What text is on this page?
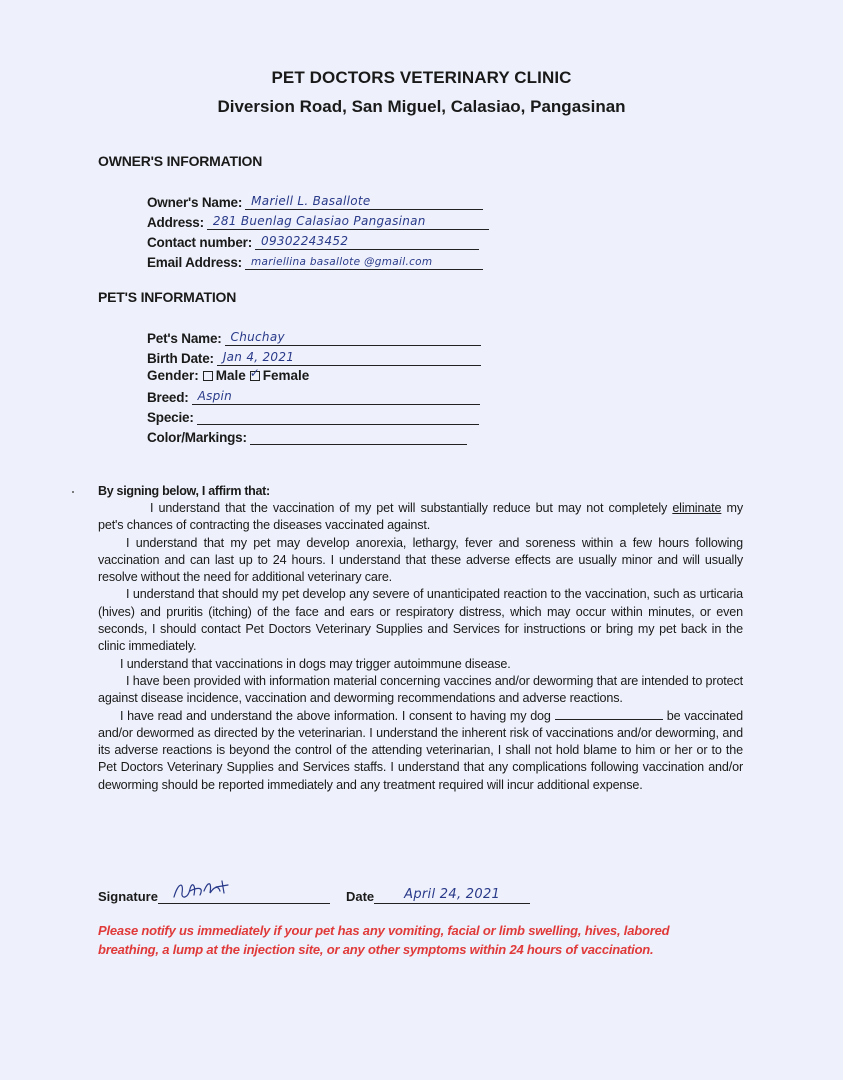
PET DOCTORS VETERINARY CLINIC
Diversion Road, San Miguel, Calasiao, Pangasinan
OWNER'S INFORMATION
Owner's Name: Mariell L. Basallote
Address: 281 Buenlag Calasiao Pangasinan
Contact number: 09302243452
Email Address: mariellina basallote @gmail.com
PET'S INFORMATION
Pet's Name: Chuchay
Birth Date: Jan 4, 2021
Gender: Male ✓ Female
Breed: Aspin
Specie:
Color/Markings:
By signing below, I affirm that:

I understand that the vaccination of my pet will substantially reduce but may not completely eliminate my pet's chances of contracting the diseases vaccinated against.

I understand that my pet may develop anorexia, lethargy, fever and soreness within a few hours following vaccination and can last up to 24 hours. I understand that these adverse effects are usually minor and will usually resolve without the need for additional veterinary care.

I understand that should my pet develop any severe of unanticipated reaction to the vaccination, such as urticaria (hives) and pruritis (itching) of the face and ears or respiratory distress, which may occur within minutes, or even seconds, I should contact Pet Doctors Veterinary Supplies and Services for instructions or bring my pet back in the clinic immediately.

I understand that vaccinations in dogs may trigger autoimmune disease.

I have been provided with information material concerning vaccines and/or deworming that are intended to protect against disease incidence, vaccination and deworming recommendations and adverse reactions.

I have read and understand the above information. I consent to having my dog	be vaccinated and/or dewormed as directed by the veterinarian. I understand the inherent risk of vaccinations and/or deworming, and its adverse reactions is beyond the control of the attending veterinarian, I shall not hold blame to him or her or to the Pet Doctors Veterinary Supplies and Services staffs. I understand that any complications following vaccination and/or deworming should be reported immediately and any treatment required will incur additional expense.

Signature	Date April 24, 2021
Please notify us immediately if your pet has any vomiting, facial or limb swelling, hives, labored breathing, a lump at the injection site, or any other symptoms within 24 hours of vaccination.
